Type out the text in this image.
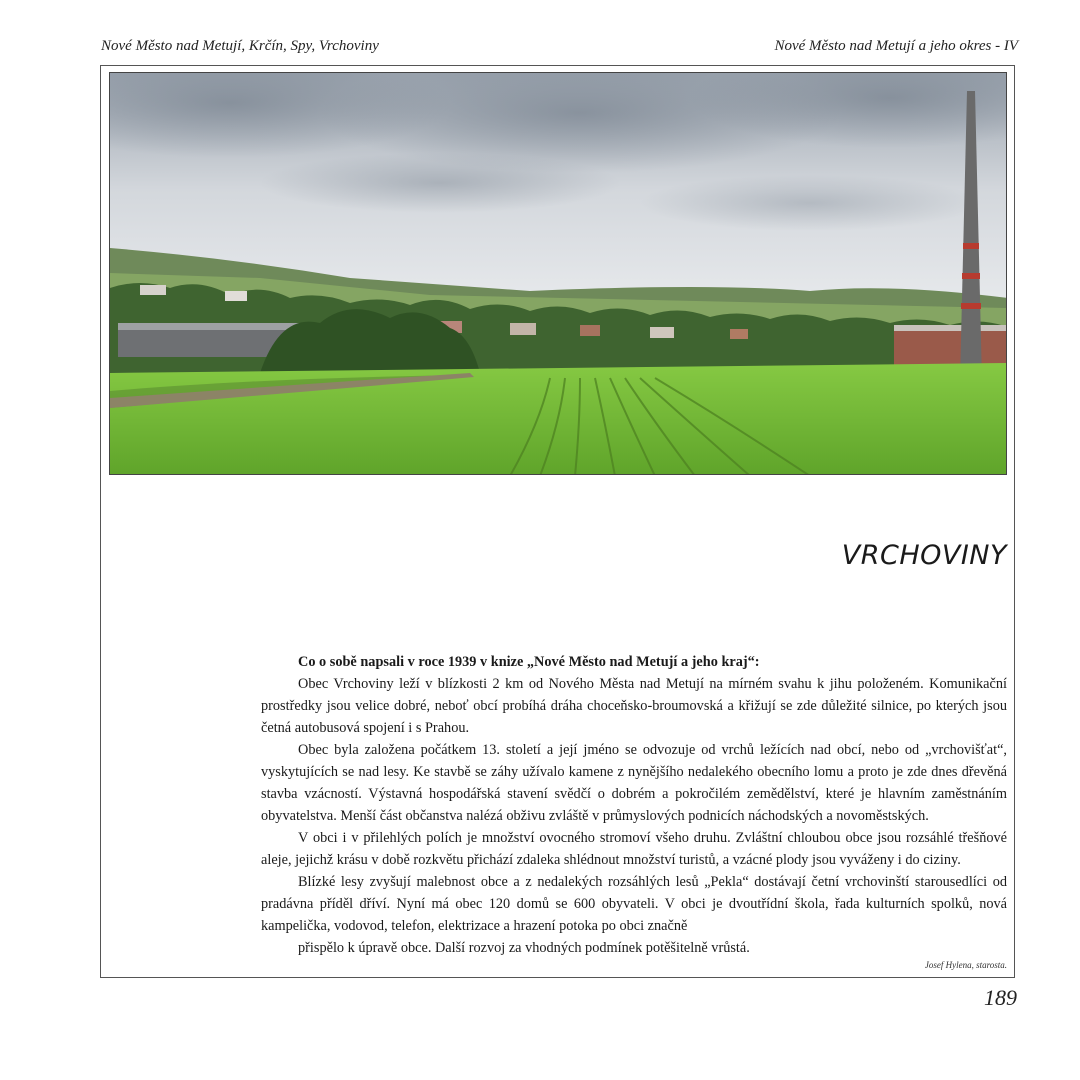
Nové Město nad Metují, Krčín, Spy, Vrchoviny	Nové Město nad Metují a jeho okres - IV
VRCHOVINY

Co o sobě napsali v roce 1939 v knize „Nové Město nad Metují a jeho kraj“:

Obec Vrchoviny leží v blízkosti 2 km od Nového Města nad Metují na mírném svahu k jihu položeném. Komunikační prostředky jsou velice dobré, neboť obcí probíhá dráha choceňsko-broumovská a křižují se zde důležité silnice, po kterých jsou četná autobusová spojení i s Prahou.

Obec byla založena počátkem 13. století a její jméno se odvozuje od vrchů ležících nad obcí, nebo od „vrchovišťat“, vyskytujících se nad lesy. Ke stavbě se záhy užívalo kamene z nynějšího nedalekého obecního lomu a proto je zde dnes dřevěná stavba vzácností. Výstavná hospodářská stavení svědčí o dobrém a pokročilém zemědělství, které je hlavním zaměstnáním obyvatelstva. Menší část občanstva nalézá obživu zvláště v průmyslových podnicích náchodských a novoměstských.

V obci i v přilehlých polích je množství ovocného stromoví všeho druhu. Zvláštní chloubou obce jsou rozsáhlé třešňové aleje, jejichž krásu v době rozkvětu přichází zdaleka shlédnout množství turistů, a vzácné plody jsou vyváženy i do ciziny.

Blízké lesy zvyšují malebnost obce a z nedalekých rozsáhlých lesů „Pekla“ dostávají četní vrchovinští starousedlíci od pradávna příděl dříví. Nyní má obec 120 domů se 600 obyvateli. V obci je dvoutřídní škola, řada kulturních spolků, nová kampelička, vodovod, telefon, elektrizace a hrazení potoka po obci značně

přispělo k úpravě obce. Další rozvoj za vhodných podmínek potěšitelně vrůstá.

Josef Hylena, starosta.
189
